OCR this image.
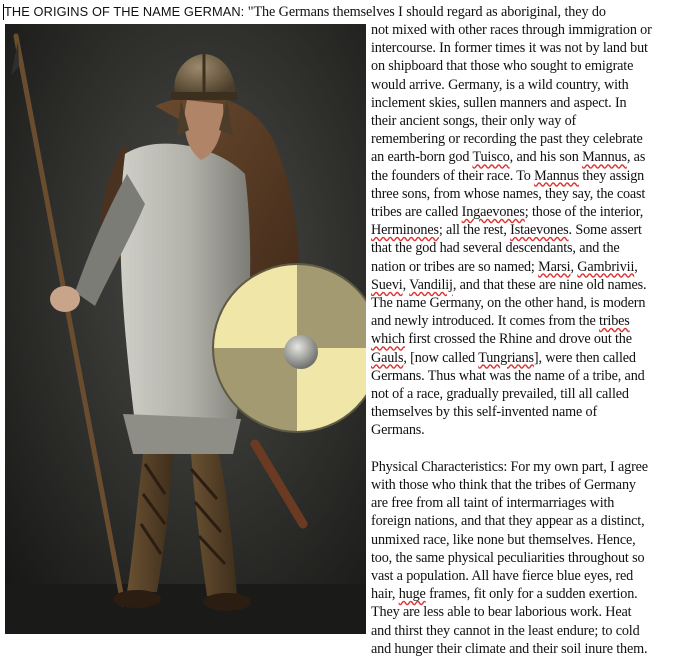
THE ORIGINS OF THE NAME GERMAN: "The Germans themselves I should regard as aboriginal, they do
not mixed with other races through immigration or
intercourse. In former times it was not by land but
on shipboard that those who sought to emigrate
would arrive. Germany, is a wild country, with
inclement skies, sullen manners and aspect. In
their ancient songs, their only way of
remembering or recording the past they celebrate
an earth-born god Tuisco, and his son Mannus, as
the founders of their race. To Mannus they assign
three sons, from whose names, they say, the coast
tribes are called Ingaevones; those of the interior,
Herminones; all the rest, Istaevones. Some assert
that the god had several descendants, and the
nation or tribes are so named; Marsi, Gambrivii,
Suevi, Vandilij, and that these are nine old names.
The name Germany, on the other hand, is modern
and newly introduced. It comes from the tribes
which first crossed the Rhine and drove out the
Gauls, [now called Tungrians], were then called
Germans. Thus what was the name of a tribe, and
not of a race, gradually prevailed, till all called
themselves by this self-invented name of
Germans.
Physical Characteristics: For my own part, I agree
with those who think that the tribes of Germany
are free from all taint of intermarriages with
foreign nations, and that they appear as a distinct,
unmixed race, like none but themselves. Hence,
too, the same physical peculiarities throughout so
vast a population. All have fierce blue eyes, red
hair, huge frames, fit only for a sudden exertion.
They are less able to bear laborious work. Heat
and thirst they cannot in the least endure; to cold
and hunger their climate and their soil inure them.
